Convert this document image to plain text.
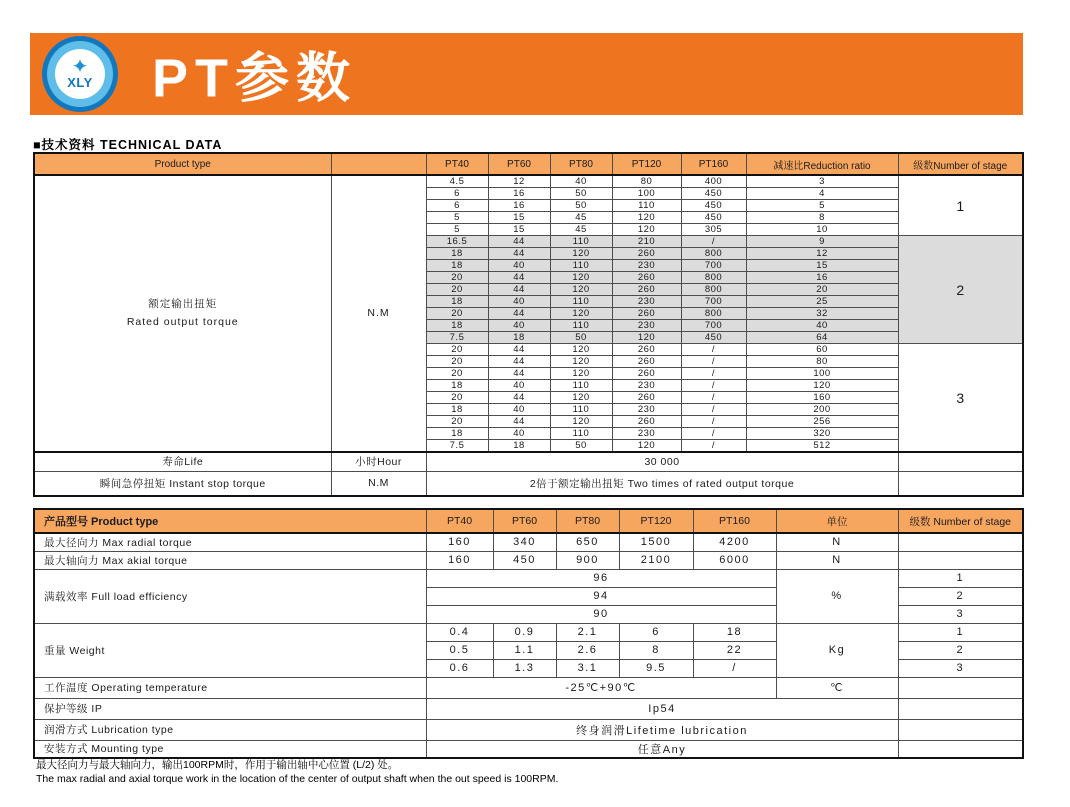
✦
XLY PT参数
■技术资料 TECHNICAL DATA
Product type		PT40	PT60	PT80	PT120	PT160	减速比Reduction ratio	级数Number of stage

额定输出扭矩
Rated output torque	N.M	4.5	12	40	80	400	3	1
		6	16	50	100	450	4	
		6	16	50	110	450	5	
		5	15	45	120	450	8	
		5	15	45	120	305	10	
		16.5	44	110	210	/	9	2
		18	44	120	260	800	12	
		18	40	110	230	700	15	
		20	44	120	260	800	16	
		20	44	120	260	800	20	
		18	40	110	230	700	25	
		20	44	120	260	800	32	
		18	40	110	230	700	40	
		7.5	18	50	120	450	64	
		20	44	120	260	/	60	3
		20	44	120	260	/	80	
		20	44	120	260	/	100	
		18	40	110	230	/	120	
		20	44	120	260	/	160	
		18	40	110	230	/	200	
		20	44	120	260	/	256	
		18	40	110	230	/	320	
		7.5	18	50	120	/	512	
寿命Life	小时Hour	30 000						
瞬间急停扭矩 Instant stop torque	N.M	2倍于额定输出扭矩 Two times of rated output torque						
产品型号 Product type	PT40	PT60	PT80	PT120	PT160	单位	级数 Number of stage
最大径向力 Max radial torque	160	340	650	1500	4200	N	
最大轴向力 Max akial torque	160	450	900	2100	6000	N	
满载效率 Full load efficiency	96					%	1
	94						2
	90						3
重量 Weight	0.4	0.9	2.1	6	18	Kg	1
	0.5	1.1	2.6	8	22		2
	0.6	1.3	3.1	9.5	/		3
工作温度 Operating temperature	-25℃+90℃					℃	
保护等级 IP	Ip54						
润滑方式 Lubrication type	终身润滑Lifetime lubrication						
安装方式 Mounting type	任意Any						
最大径向力与最大轴向力，输出100RPM时，作用于输出轴中心位置 (L/2) 处。
The max radial and axial torque work in the location of the center of output shaft when the out speed is 100RPM.
